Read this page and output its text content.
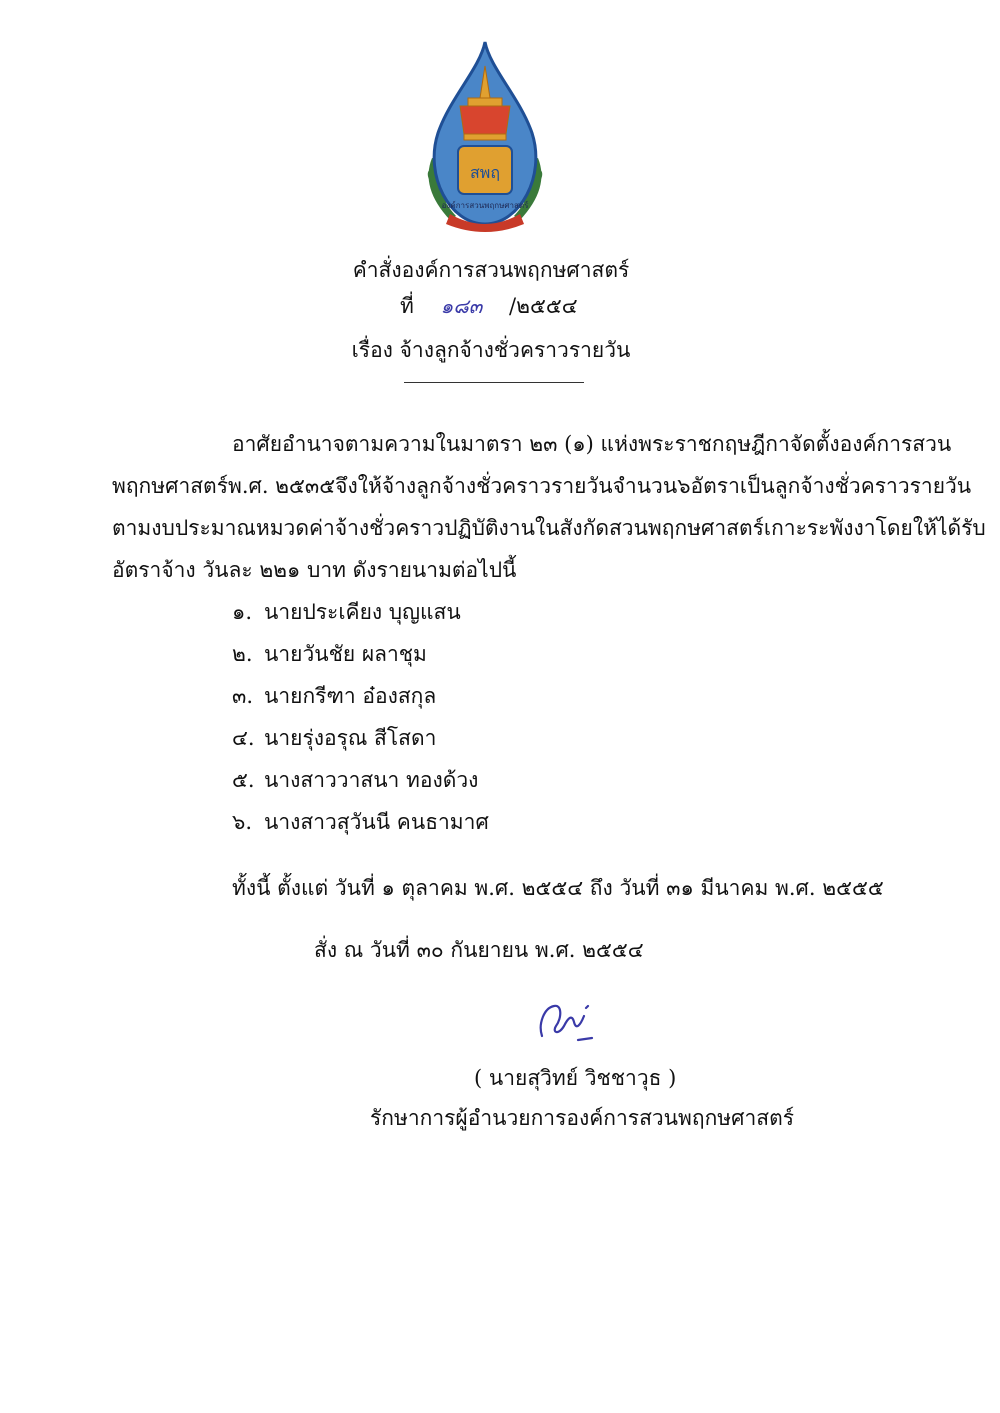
สพฤ
องค์การสวนพฤกษศาสตร์
คำสั่งองค์การสวนพฤกษศาสตร์
ที่ ๑๘๓ /๒๕๕๔
เรื่อง จ้างลูกจ้างชั่วคราวรายวัน
อาศัยอำนาจตามความในมาตรา ๒๓ (๑) แห่งพระราชกฤษฎีกาจัดตั้งองค์การสวน
พฤกษศาสตร์ พ.ศ. ๒๕๓๕ จึงให้จ้างลูกจ้างชั่วคราวรายวัน จำนวน ๖ อัตรา เป็นลูกจ้างชั่วคราวรายวัน
ตามงบประมาณ หมวดค่าจ้างชั่วคราว ปฏิบัติงานในสังกัดสวนพฤกษศาสตร์เกาะระ พังงา โดยให้ได้รับ
อัตราจ้าง วันละ ๒๒๑ บาท ดังรายนามต่อไปนี้
๑. นายประเคียง บุญแสน
๒. นายวันชัย ผลาชุม
๓. นายกรีฑา อ๋องสกุล
๔. นายรุ่งอรุณ สีโสดา
๕. นางสาววาสนา ทองด้วง
๖. นางสาวสุวันนี คนธามาศ
ทั้งนี้ ตั้งแต่ วันที่ ๑ ตุลาคม พ.ศ. ๒๕๕๔ ถึง วันที่ ๓๑ มีนาคม พ.ศ. ๒๕๕๕
สั่ง ณ วันที่ ๓๐ กันยายน พ.ศ. ๒๕๕๔
( นายสุวิทย์ วิชชาวุธ )
รักษาการผู้อำนวยการองค์การสวนพฤกษศาสตร์
